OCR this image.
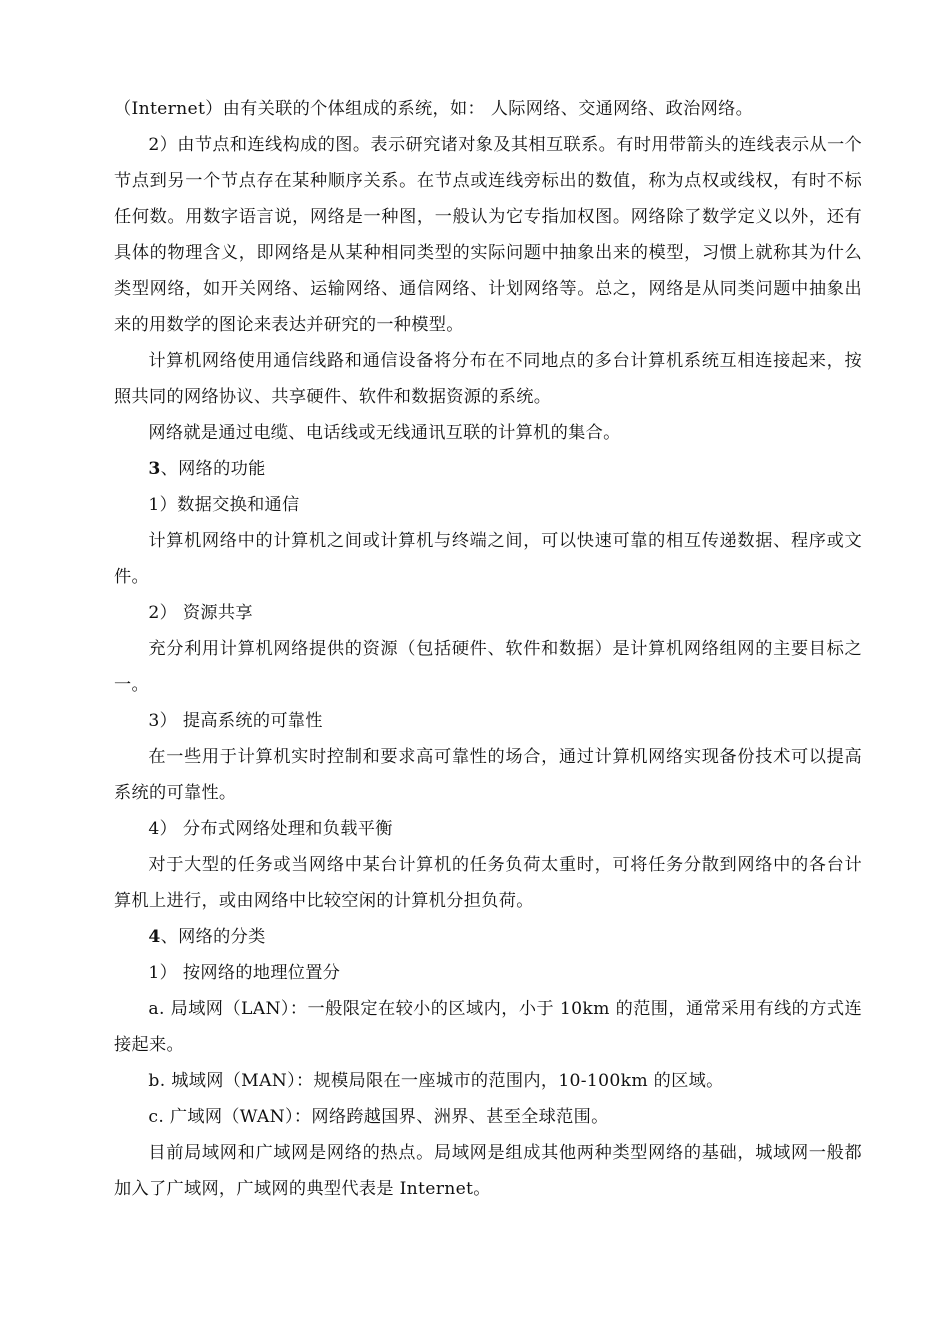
（Internet）由有关联的个体组成的系统，如： 人际网络、交通网络、政治网络。

2）由节点和连线构成的图。表示研究诸对象及其相互联系。有时用带箭头的连线表示从一个节点到另一个节点存在某种顺序关系。在节点或连线旁标出的数值，称为点权或线权，有时不标任何数。用数字语言说，网络是一种图，一般认为它专指加权图。网络除了数学定义以外，还有具体的物理含义，即网络是从某种相同类型的实际问题中抽象出来的模型，习惯上就称其为什么类型网络，如开关网络、运输网络、通信网络、计划网络等。总之，网络是从同类问题中抽象出来的用数学的图论来表达并研究的一种模型。

计算机网络使用通信线路和通信设备将分布在不同地点的多台计算机系统互相连接起来，按照共同的网络协议、共享硬件、软件和数据资源的系统。

网络就是通过电缆、电话线或无线通讯互联的计算机的集合。

3、网络的功能

1）数据交换和通信

计算机网络中的计算机之间或计算机与终端之间，可以快速可靠的相互传递数据、程序或文件。

2） 资源共享

充分利用计算机网络提供的资源（包括硬件、软件和数据）是计算机网络组网的主要目标之一。

3） 提高系统的可靠性

在一些用于计算机实时控制和要求高可靠性的场合，通过计算机网络实现备份技术可以提高系统的可靠性。

4） 分布式网络处理和负载平衡

对于大型的任务或当网络中某台计算机的任务负荷太重时，可将任务分散到网络中的各台计算机上进行，或由网络中比较空闲的计算机分担负荷。

4、网络的分类

1） 按网络的地理位置分

a. 局域网（LAN）：一般限定在较小的区域内，小于 10km 的范围，通常采用有线的方式连接起来。

b. 城域网（MAN）：规模局限在一座城市的范围内，10-100km 的区域。

c. 广域网（WAN）：网络跨越国界、洲界、甚至全球范围。

目前局域网和广域网是网络的热点。局域网是组成其他两种类型网络的基础，城域网一般都加入了广域网，广域网的典型代表是 Internet。
